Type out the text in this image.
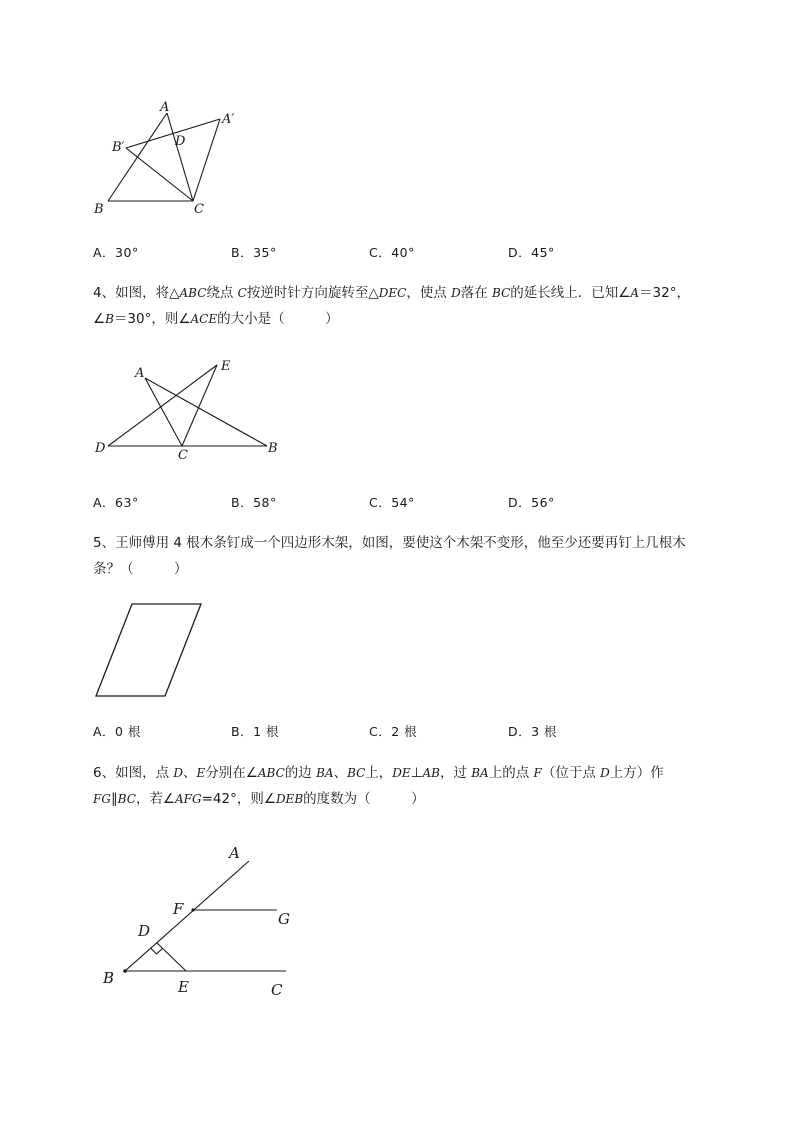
A
A′
B′	D
B	C
A．30°	B．35°	C．40°	D．45°
4、如图，将△ABC绕点 C按逆时针方向旋转至△DEC，使点 D落在 BC的延长线上．已知∠A＝32°，
∠B＝30°，则∠ACE的大小是（　　　）
A	E
D	C	B
A．63°	B．58°	C．54°	D．56°
5、王师傅用 4 根木条钉成一个四边形木架，如图，要使这个木架不变形，他至少还要再钉上几根木
条？（　　　）
A．0 根	B．1 根	C．2 根	D．3 根
6、如图，点 D、E分别在∠ABC的边 BA、BC上，DE⊥AB，过 BA上的点 F（位于点 D上方）作
FG∥BC，若∠AFG=42°，则∠DEB的度数为（　　　）
A
F
G
D
B	E	C
